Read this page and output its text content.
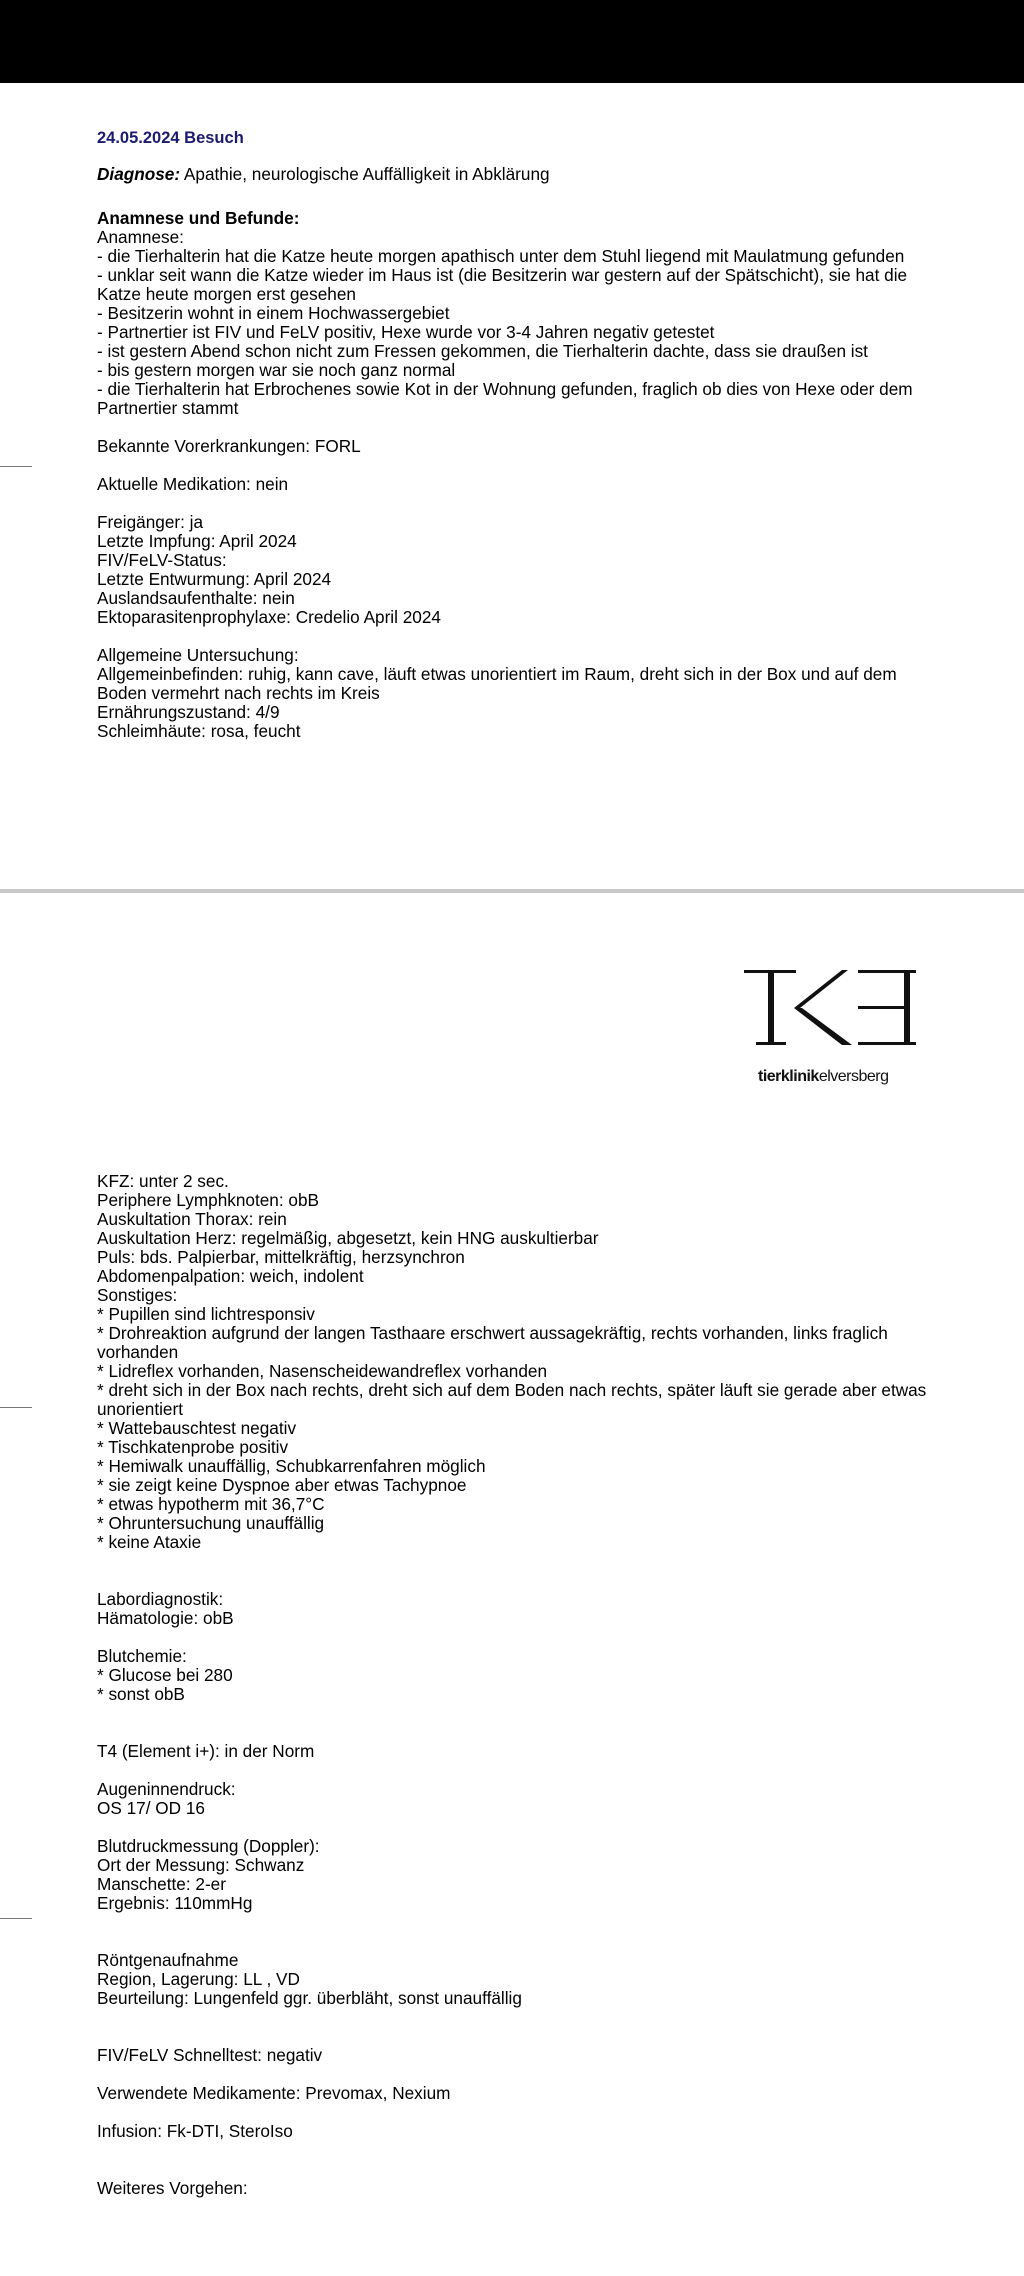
24.05.2024 Besuch
Diagnose: Apathie, neurologische Auffälligkeit in Abklärung
Anamnese und Befunde:
Anamnese:
- die Tierhalterin hat die Katze heute morgen apathisch unter dem Stuhl liegend mit Maulatmung gefunden
- unklar seit wann die Katze wieder im Haus ist (die Besitzerin war gestern auf der Spätschicht), sie hat die
Katze heute morgen erst gesehen
- Besitzerin wohnt in einem Hochwassergebiet
- Partnertier ist FIV und FeLV positiv, Hexe wurde vor 3-4 Jahren negativ getestet
- ist gestern Abend schon nicht zum Fressen gekommen, die Tierhalterin dachte, dass sie draußen ist
- bis gestern morgen war sie noch ganz normal
- die Tierhalterin hat Erbrochenes sowie Kot in der Wohnung gefunden, fraglich ob dies von Hexe oder dem
Partnertier stammt
Bekannte Vorerkrankungen: FORL
Aktuelle Medikation: nein
Freigänger: ja
Letzte Impfung: April 2024
FIV/FeLV-Status:
Letzte Entwurmung: April 2024
Auslandsaufenthalte: nein
Ektoparasitenprophylaxe: Credelio April 2024
Allgemeine Untersuchung:
Allgemeinbefinden: ruhig, kann cave, läuft etwas unorientiert im Raum, dreht sich in der Box und auf dem
Boden vermehrt nach rechts im Kreis
Ernährungszustand: 4/9
Schleimhäute: rosa, feucht
tierklinikelversberg
KFZ: unter 2 sec.
Periphere Lymphknoten: obB
Auskultation Thorax: rein
Auskultation Herz: regelmäßig, abgesetzt, kein HNG auskultierbar
Puls: bds. Palpierbar, mittelkräftig, herzsynchron
Abdomenpalpation: weich, indolent
Sonstiges:
* Pupillen sind lichtresponsiv
* Drohreaktion aufgrund der langen Tasthaare erschwert aussagekräftig, rechts vorhanden, links fraglich
vorhanden
* Lidreflex vorhanden, Nasenscheidewandreflex vorhanden
* dreht sich in der Box nach rechts, dreht sich auf dem Boden nach rechts, später läuft sie gerade aber etwas
unorientiert
* Wattebauschtest negativ
* Tischkatenprobe positiv
* Hemiwalk unauffällig, Schubkarrenfahren möglich
* sie zeigt keine Dyspnoe aber etwas Tachypnoe
* etwas hypotherm mit 36,7°C
* Ohruntersuchung unauffällig
* keine Ataxie
Labordiagnostik:
Hämatologie: obB
Blutchemie:
* Glucose bei 280
* sonst obB
T4 (Element i+): in der Norm
Augeninnendruck:
OS 17/ OD 16
Blutdruckmessung (Doppler):
Ort der Messung: Schwanz
Manschette: 2-er
Ergebnis: 110mmHg
Röntgenaufnahme
Region, Lagerung: LL , VD
Beurteilung: Lungenfeld ggr. überbläht, sonst unauffällig
FIV/FeLV Schnelltest: negativ
Verwendete Medikamente: Prevomax, Nexium
Infusion: Fk-DTI, SteroIso
Weiteres Vorgehen:
